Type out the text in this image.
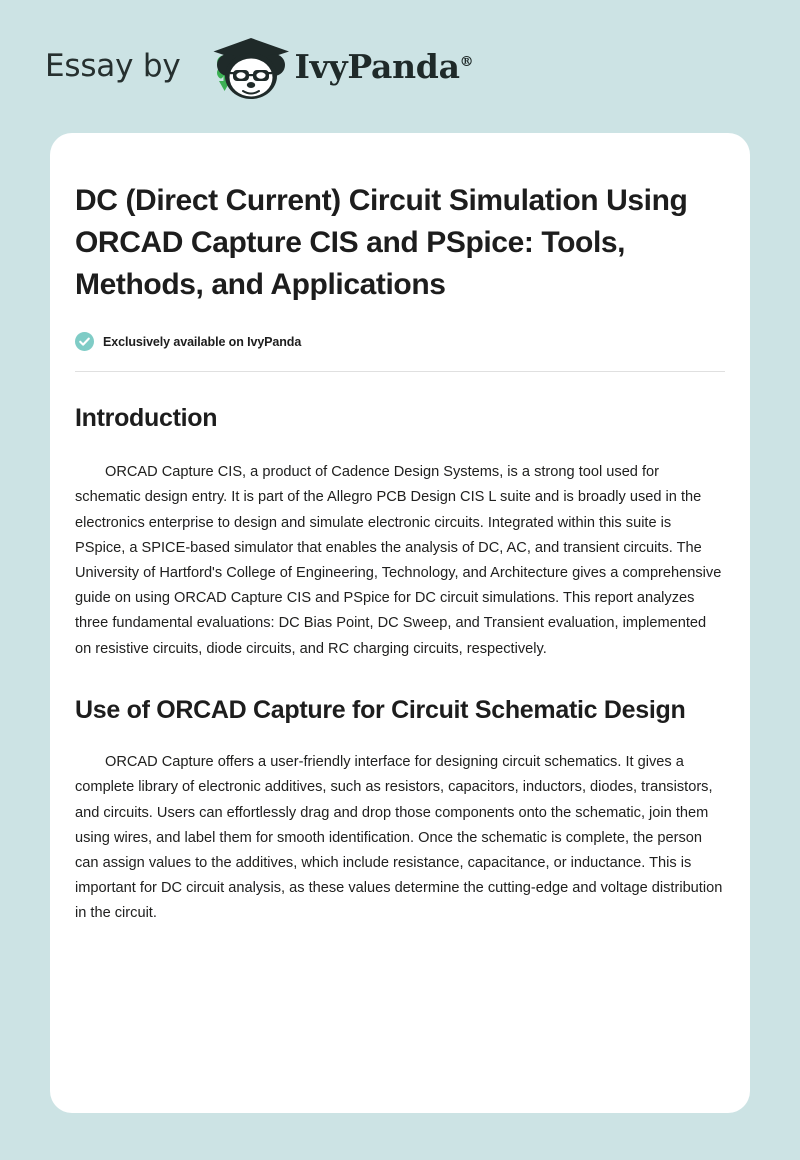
Essay by	IvyPanda®
DC (Direct Current) Circuit Simulation Using ORCAD Capture CIS and PSpice: Tools, Methods, and Applications
Exclusively available on IvyPanda
Introduction

ORCAD Capture CIS, a product of Cadence Design Systems, is a strong tool used for schematic design entry. It is part of the Allegro PCB Design CIS L suite and is broadly used in the electronics enterprise to design and simulate electronic circuits. Integrated within this suite is PSpice, a SPICE-based simulator that enables the analysis of DC, AC, and transient circuits. The University of Hartford's College of Engineering, Technology, and Architecture gives a comprehensive guide on using ORCAD Capture CIS and PSpice for DC circuit simulations. This report analyzes three fundamental evaluations: DC Bias Point, DC Sweep, and Transient evaluation, implemented on resistive circuits, diode circuits, and RC charging circuits, respectively.

Use of ORCAD Capture for Circuit Schematic Design

ORCAD Capture offers a user-friendly interface for designing circuit schematics. It gives a complete library of electronic additives, such as resistors, capacitors, inductors, diodes, transistors, and circuits. Users can effortlessly drag and drop those components onto the schematic, join them using wires, and label them for smooth identification. Once the schematic is complete, the person can assign values to the additives, which include resistance, capacitance, or inductance. This is important for DC circuit analysis, as these values determine the cutting-edge and voltage distribution in the circuit.
